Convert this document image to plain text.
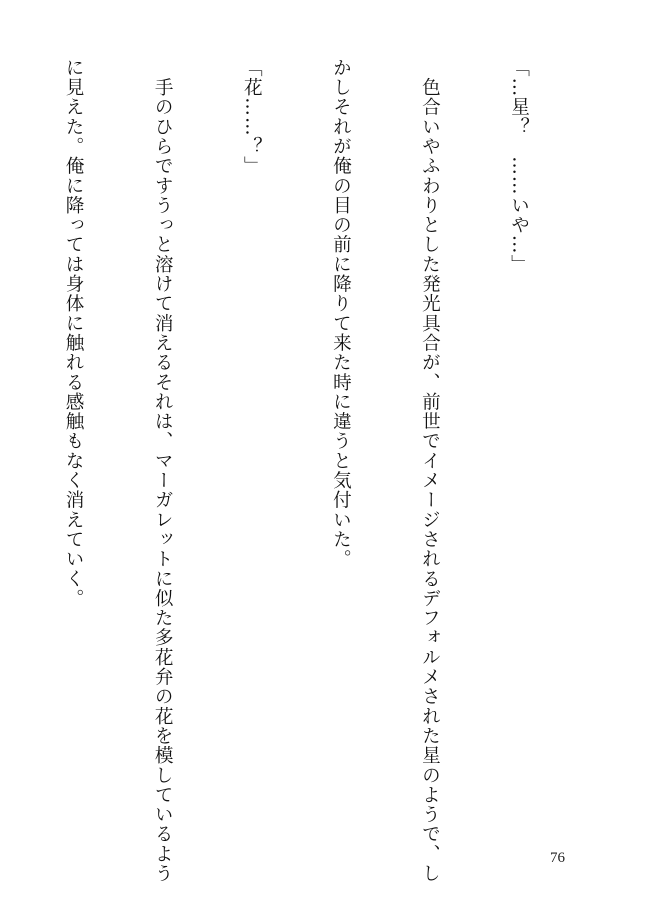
「…星？　……いや…」

　色合いやふわりとした発光具合が、前世でイメージされるデフォルメされた星のようで、し

かしそれが俺の目の前に降りて来た時に違うと気付いた。

「花……？」

　手のひらですうっと溶けて消えるそれは、マーガレットに似た多花弁の花を模しているよう

に見えた。俺に降っては身体に触れる感触もなく消えていく。

76
